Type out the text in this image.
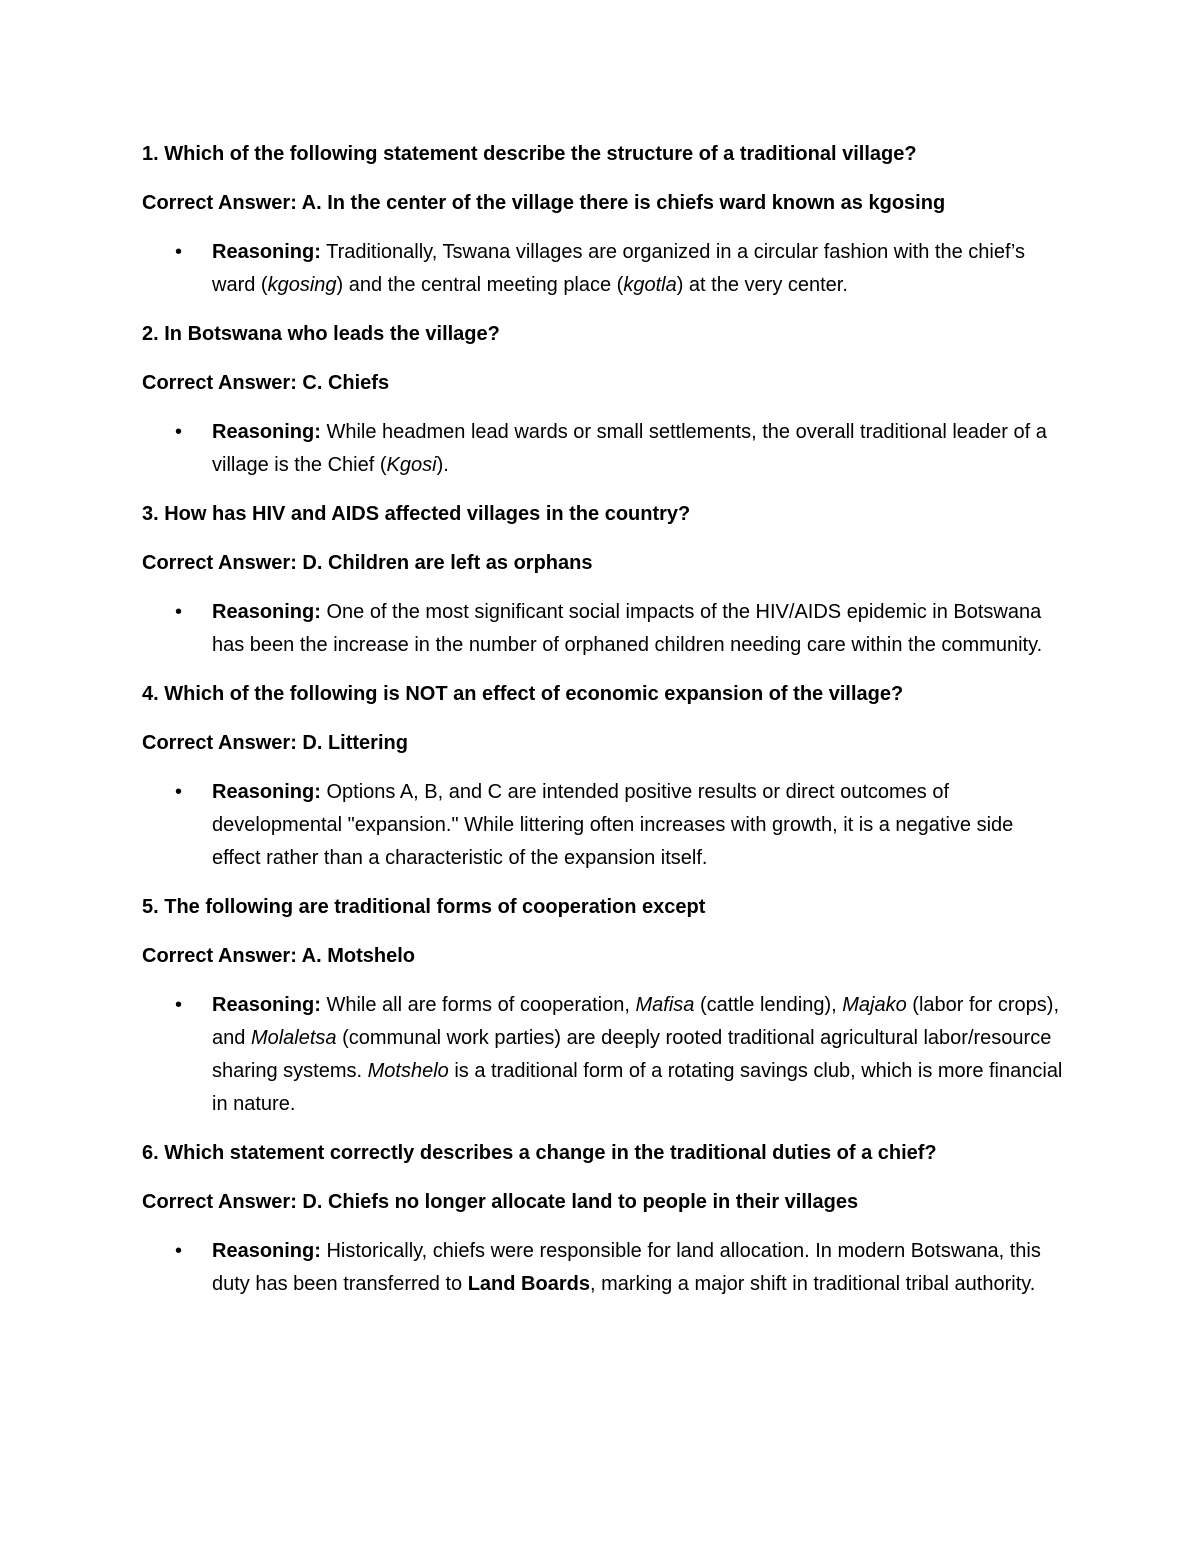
1. Which of the following statement describe the structure of a traditional village?
Correct Answer: A. In the center of the village there is chiefs ward known as kgosing
• Reasoning: Traditionally, Tswana villages are organized in a circular fashion with the chief’s ward (kgosing) and the central meeting place (kgotla) at the very center.
2. In Botswana who leads the village?
Correct Answer: C. Chiefs
• Reasoning: While headmen lead wards or small settlements, the overall traditional leader of a village is the Chief (Kgosi).
3. How has HIV and AIDS affected villages in the country?
Correct Answer: D. Children are left as orphans
• Reasoning: One of the most significant social impacts of the HIV/AIDS epidemic in Botswana has been the increase in the number of orphaned children needing care within the community.
4. Which of the following is NOT an effect of economic expansion of the village?
Correct Answer: D. Littering
• Reasoning: Options A, B, and C are intended positive results or direct outcomes of developmental "expansion." While littering often increases with growth, it is a negative side effect rather than a characteristic of the expansion itself.
5. The following are traditional forms of cooperation except
Correct Answer: A. Motshelo
• Reasoning: While all are forms of cooperation, Mafisa (cattle lending), Majako (labor for crops), and Molaletsa (communal work parties) are deeply rooted traditional agricultural labor/resource sharing systems. Motshelo is a traditional form of a rotating savings club, which is more financial in nature.
6. Which statement correctly describes a change in the traditional duties of a chief?
Correct Answer: D. Chiefs no longer allocate land to people in their villages
• Reasoning: Historically, chiefs were responsible for land allocation. In modern Botswana, this duty has been transferred to Land Boards, marking a major shift in traditional tribal authority.
